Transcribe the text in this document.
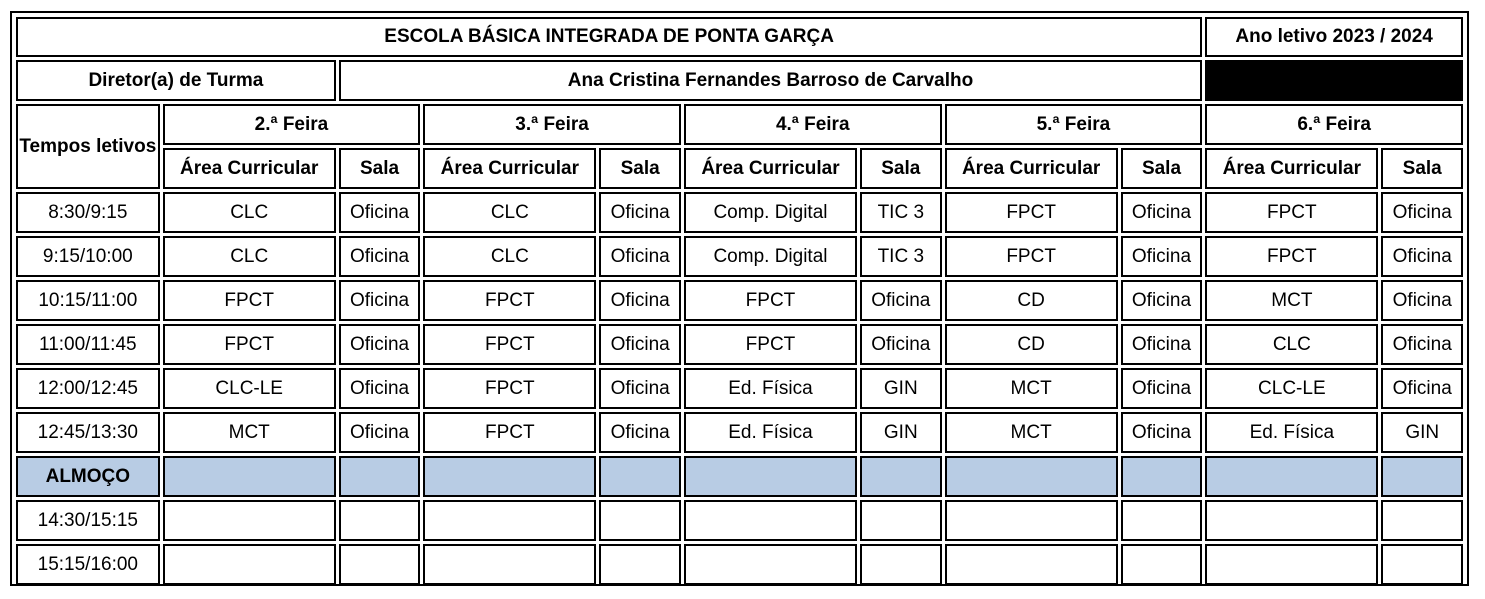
ESCOLA BÁSICA INTEGRADA DE PONTA GARÇA									Ano letivo 2023 / 2024	
Diretor(a) de Turma		Ana Cristina Fernandes Barroso de Carvalho							PP	
Tempos letivos	2.ª Feira		3.ª Feira		4.ª Feira		5.ª Feira		6.ª Feira	
	Área Curricular	Sala	Área Curricular	Sala	Área Curricular	Sala	Área Curricular	Sala	Área Curricular	Sala
8:30/9:15	CLC	Oficina	CLC	Oficina	Comp. Digital	TIC 3	FPCT	Oficina	FPCT	Oficina
9:15/10:00	CLC	Oficina	CLC	Oficina	Comp. Digital	TIC 3	FPCT	Oficina	FPCT	Oficina
10:15/11:00	FPCT	Oficina	FPCT	Oficina	FPCT	Oficina	CD	Oficina	MCT	Oficina
11:00/11:45	FPCT	Oficina	FPCT	Oficina	FPCT	Oficina	CD	Oficina	CLC	Oficina
12:00/12:45	CLC-LE	Oficina	FPCT	Oficina	Ed. Física	GIN	MCT	Oficina	CLC-LE	Oficina
12:45/13:30	MCT	Oficina	FPCT	Oficina	Ed. Física	GIN	MCT	Oficina	Ed. Física	GIN
ALMOÇO										
14:30/15:15										
15:15/16:00										
